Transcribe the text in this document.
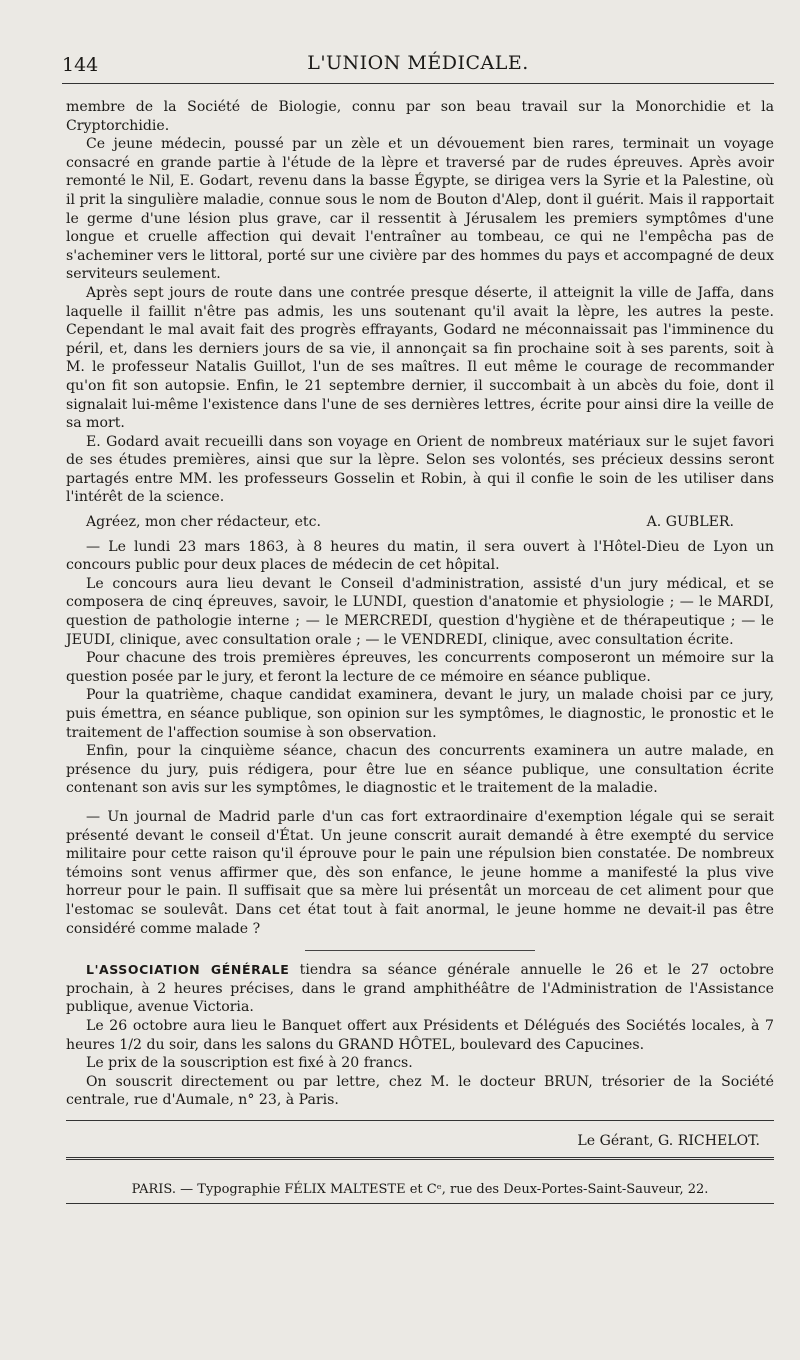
144	L'UNION MÉDICALE.

membre de la Société de Biologie, connu par son beau travail sur la Monorchidie et la Cryptorchidie.

Ce jeune médecin, poussé par un zèle et un dévouement bien rares, terminait un voyage consacré en grande partie à l'étude de la lèpre et traversé par de rudes épreuves. Après avoir remonté le Nil, E. Godart, revenu dans la basse Égypte, se dirigea vers la Syrie et la Palestine, où il prit la singulière maladie, connue sous le nom de Bouton d'Alep, dont il guérit. Mais il rapportait le germe d'une lésion plus grave, car il ressentit à Jérusalem les premiers symptômes d'une longue et cruelle affection qui devait l'entraîner au tombeau, ce qui ne l'empêcha pas de s'acheminer vers le littoral, porté sur une civière par des hommes du pays et accompagné de deux serviteurs seulement.

Après sept jours de route dans une contrée presque déserte, il atteignit la ville de Jaffa, dans laquelle il faillit n'être pas admis, les uns soutenant qu'il avait la lèpre, les autres la peste. Cependant le mal avait fait des progrès effrayants, Godard ne méconnaissait pas l'imminence du péril, et, dans les derniers jours de sa vie, il annonçait sa fin prochaine soit à ses parents, soit à M. le professeur Natalis Guillot, l'un de ses maîtres. Il eut même le courage de recommander qu'on fit son autopsie. Enfin, le 21 septembre dernier, il succombait à un abcès du foie, dont il signalait lui-même l'existence dans l'une de ses dernières lettres, écrite pour ainsi dire la veille de sa mort.

E. Godard avait recueilli dans son voyage en Orient de nombreux matériaux sur le sujet favori de ses études premières, ainsi que sur la lèpre. Selon ses volontés, ses précieux dessins seront partagés entre MM. les professeurs Gosselin et Robin, à qui il confie le soin de les utiliser dans l'intérêt de la science.

Agréez, mon cher rédacteur, etc.	A. GUBLER.

— Le lundi 23 mars 1863, à 8 heures du matin, il sera ouvert à l'Hôtel-Dieu de Lyon un concours public pour deux places de médecin de cet hôpital.

Le concours aura lieu devant le Conseil d'administration, assisté d'un jury médical, et se composera de cinq épreuves, savoir, le LUNDI, question d'anatomie et physiologie ; — le MARDI, question de pathologie interne ; — le MERCREDI, question d'hygiène et de thérapeutique ; — le JEUDI, clinique, avec consultation orale ; — le VENDREDI, clinique, avec consultation écrite.

Pour chacune des trois premières épreuves, les concurrents composeront un mémoire sur la question posée par le jury, et feront la lecture de ce mémoire en séance publique.

Pour la quatrième, chaque candidat examinera, devant le jury, un malade choisi par ce jury, puis émettra, en séance publique, son opinion sur les symptômes, le diagnostic, le pronostic et le traitement de l'affection soumise à son observation.

Enfin, pour la cinquième séance, chacun des concurrents examinera un autre malade, en présence du jury, puis rédigera, pour être lue en séance publique, une consultation écrite contenant son avis sur les symptômes, le diagnostic et le traitement de la maladie.

— Un journal de Madrid parle d'un cas fort extraordinaire d'exemption légale qui se serait présenté devant le conseil d'État. Un jeune conscrit aurait demandé à être exempté du service militaire pour cette raison qu'il éprouve pour le pain une répulsion bien constatée. De nombreux témoins sont venus affirmer que, dès son enfance, le jeune homme a manifesté la plus vive horreur pour le pain. Il suffisait que sa mère lui présentât un morceau de cet aliment pour que l'estomac se soulevât. Dans cet état tout à fait anormal, le jeune homme ne devait-il pas être considéré comme malade ?

L'ASSOCIATION GÉNÉRALE tiendra sa séance générale annuelle le 26 et le 27 octobre prochain, à 2 heures précises, dans le grand amphithéâtre de l'Administration de l'Assistance publique, avenue Victoria.

Le 26 octobre aura lieu le Banquet offert aux Présidents et Délégués des Sociétés locales, à 7 heures 1/2 du soir, dans les salons du GRAND HÔTEL, boulevard des Capucines.

Le prix de la souscription est fixé à 20 francs.

On souscrit directement ou par lettre, chez M. le docteur BRUN, trésorier de la Société centrale, rue d'Aumale, n° 23, à Paris.

Le Gérant, G. RICHELOT.
PARIS. — Typographie FÉLIX MALTESTE et Cᵉ, rue des Deux-Portes-Saint-Sauveur, 22.
